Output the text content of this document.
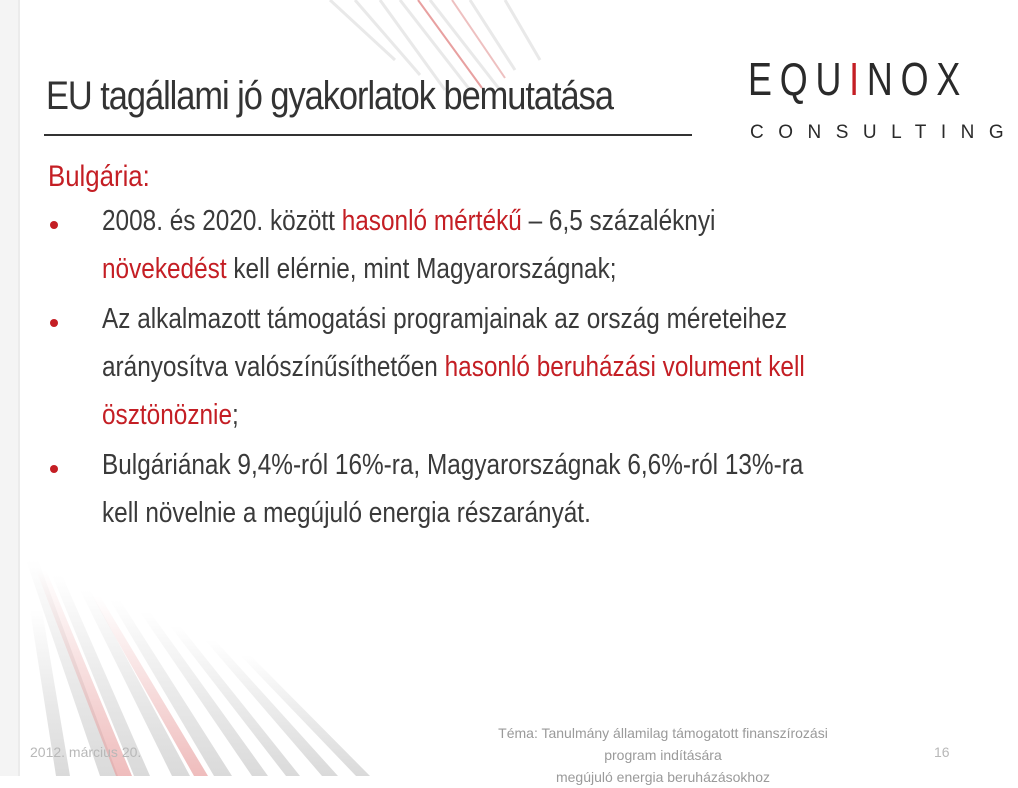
EU tagállami jó gyakorlatok bemutatása	EQUINOX
CONSULTING
Bulgária:
2008. és 2020. között hasonló mértékű – 6,5 százaléknyi
növekedést kell elérnie, mint Magyarországnak;
Az alkalmazott támogatási programjainak az ország méreteihez
arányosítva valószínűsíthetően hasonló beruházási volument kell
ösztönöznie;
Bulgáriának 9,4%-ról 16%-ra, Magyarországnak 6,6%-ról 13%-ra
kell növelnie a megújuló energia részarányát.
2012. március 20.
Téma: Tanulmány államilag támogatott finanszírozási program indítására
megújuló energia beruházásokhoz
16
